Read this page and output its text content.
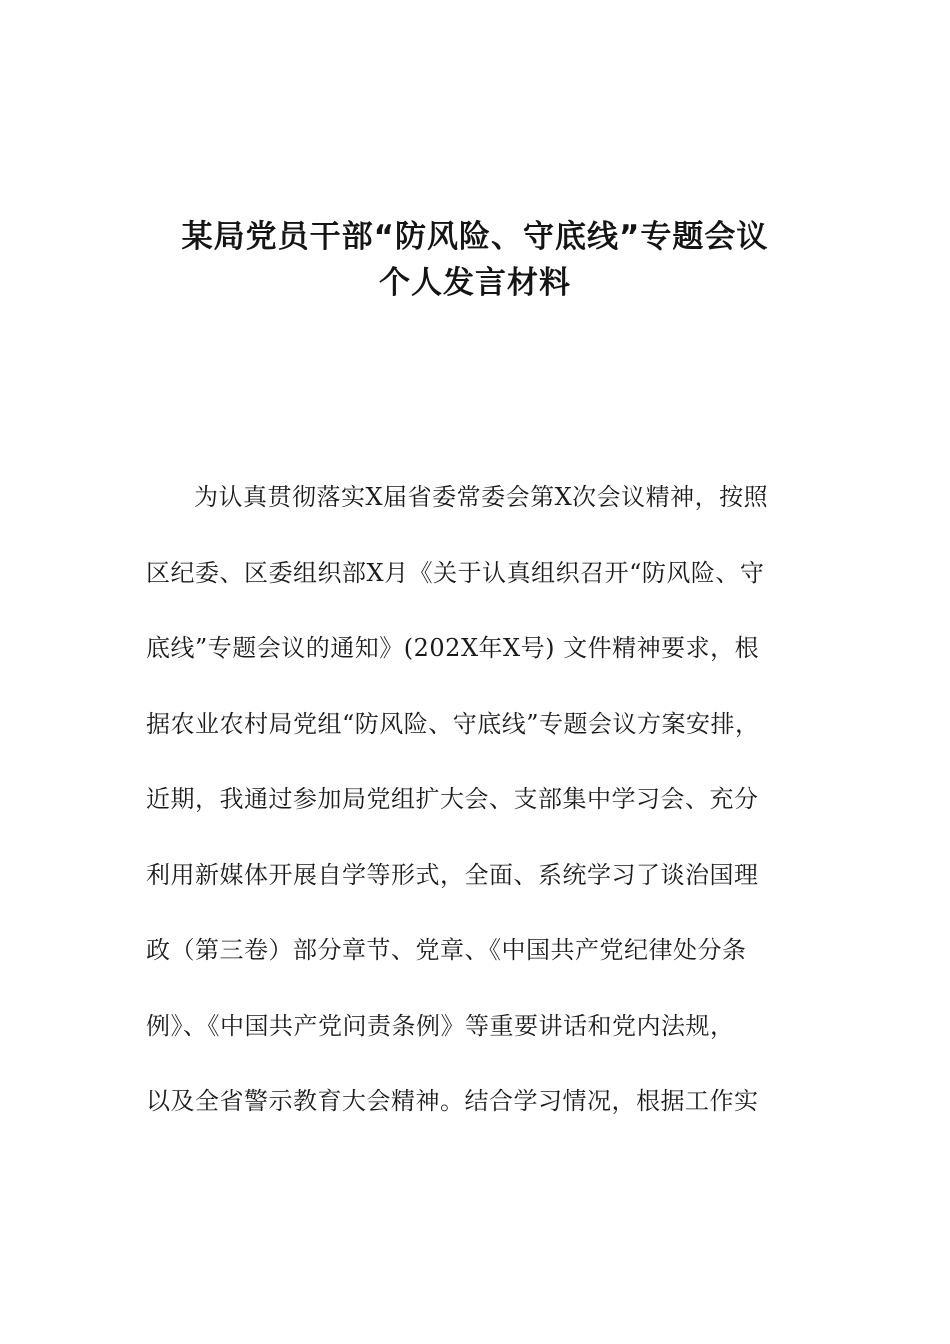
某局党员干部“防风险、守底线”专题会议
个人发言材料
为认真贯彻落实X届省委常委会第X次会议精神，按照
区纪委、区委组织部X月《关于认真组织召开“防风险、守
底线”专题会议的通知》(202X年X号) 文件精神要求，根
据农业农村局党组“防风险、守底线”专题会议方案安排，
近期，我通过参加局党组扩大会、支部集中学习会、充分
利用新媒体开展自学等形式，全面、系统学习了谈治国理
政（第三卷）部分章节、党章、《中国共产党纪律处分条
例》、《中国共产党问责条例》等重要讲话和党内法规，
以及全省警示教育大会精神。结合学习情况，根据工作实
